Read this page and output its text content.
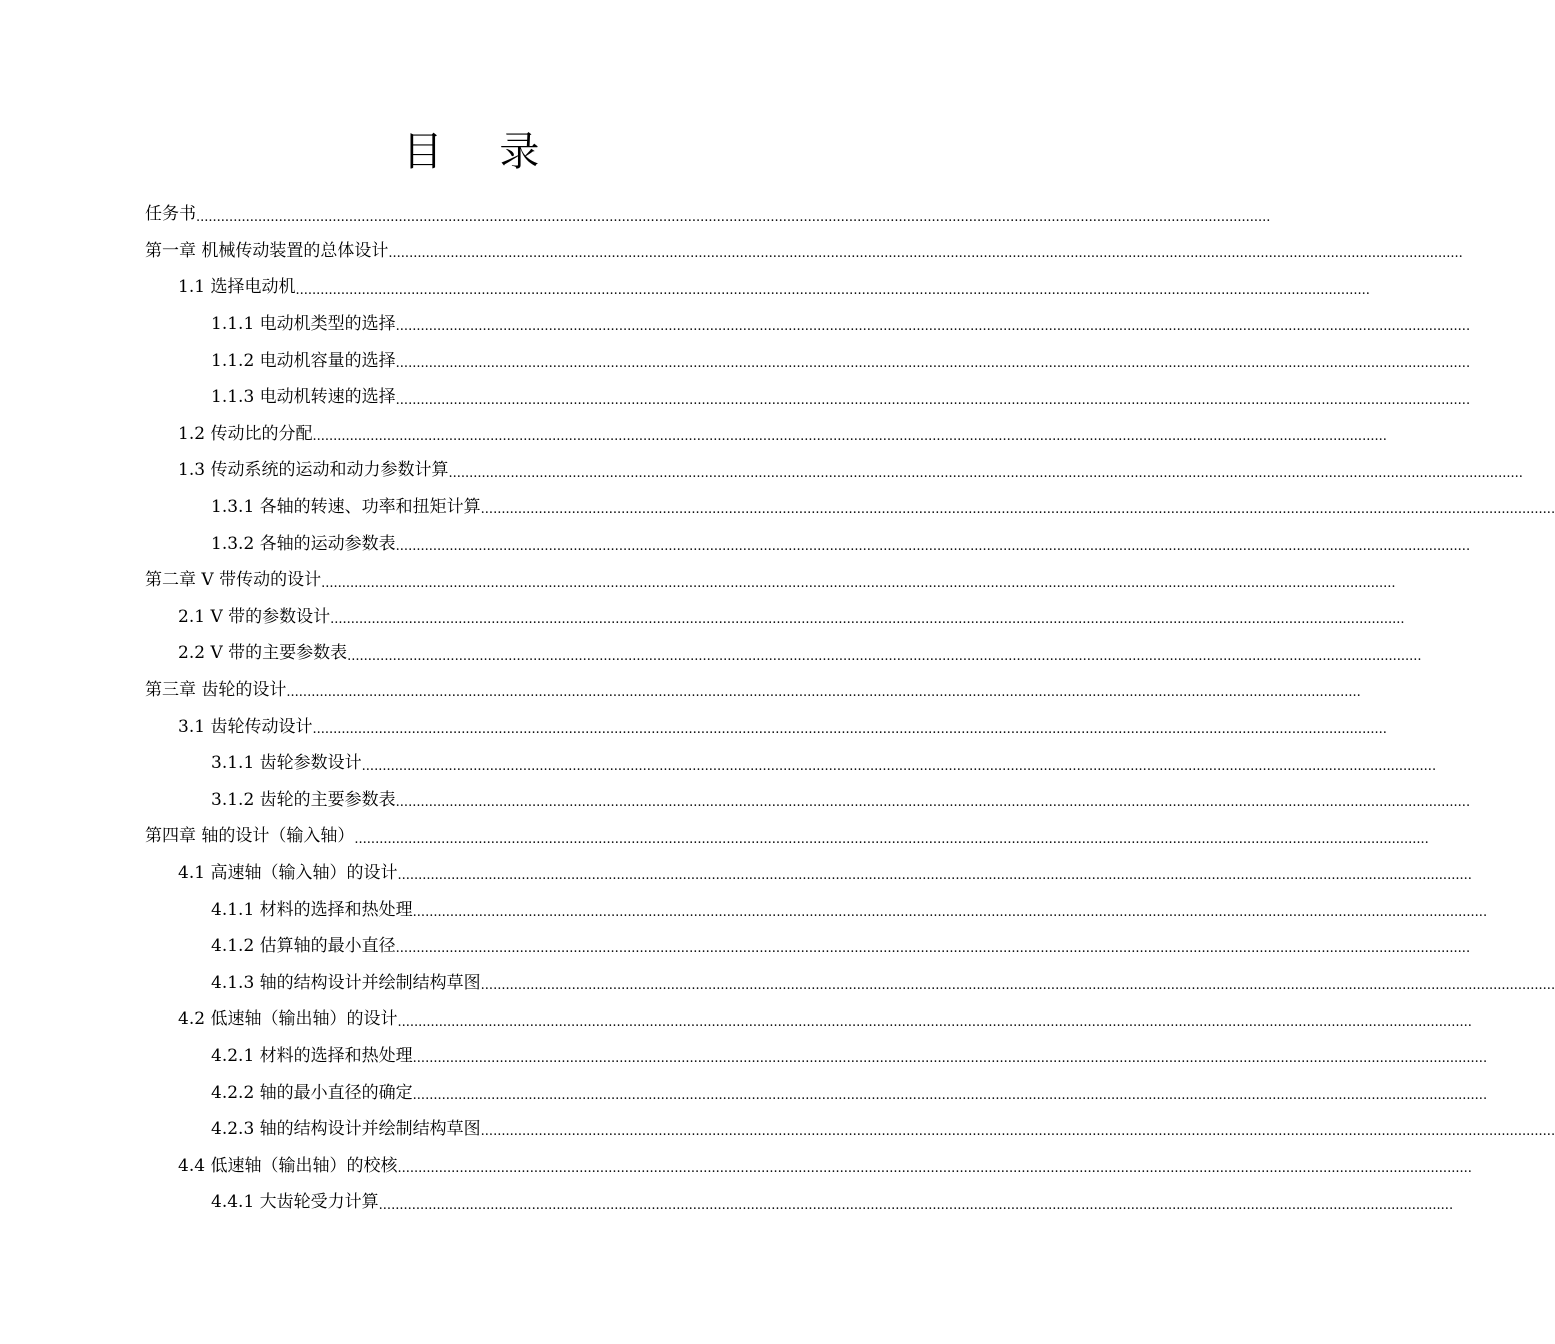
目 录
任务书 ....................................................................................................................................................................................................................................................................
第一章 机械传动装置的总体设计 ....................................................................................................................................................................................................................................................................
1.1 选择电动机 ....................................................................................................................................................................................................................................................................
1.1.1 电动机类型的选择 ....................................................................................................................................................................................................................................................................
1.1.2 电动机容量的选择 ....................................................................................................................................................................................................................................................................
1.1.3 电动机转速的选择 ....................................................................................................................................................................................................................................................................
1.2 传动比的分配 ....................................................................................................................................................................................................................................................................
1.3 传动系统的运动和动力参数计算 ....................................................................................................................................................................................................................................................................
1.3.1 各轴的转速、功率和扭矩计算 ....................................................................................................................................................................................................................................................................
1.3.2 各轴的运动参数表 ....................................................................................................................................................................................................................................................................
第二章 V 带传动的设计 ....................................................................................................................................................................................................................................................................
2.1 V 带的参数设计 ....................................................................................................................................................................................................................................................................
2.2 V 带的主要参数表 ....................................................................................................................................................................................................................................................................
第三章 齿轮的设计 ....................................................................................................................................................................................................................................................................
3.1 齿轮传动设计 ....................................................................................................................................................................................................................................................................
3.1.1 齿轮参数设计 ....................................................................................................................................................................................................................................................................
3.1.2 齿轮的主要参数表 ....................................................................................................................................................................................................................................................................
第四章 轴的设计（输入轴） ....................................................................................................................................................................................................................................................................
4.1 高速轴（输入轴）的设计 ....................................................................................................................................................................................................................................................................
4.1.1 材料的选择和热处理 ....................................................................................................................................................................................................................................................................
4.1.2 估算轴的最小直径 ....................................................................................................................................................................................................................................................................
4.1.3 轴的结构设计并绘制结构草图 ....................................................................................................................................................................................................................................................................
4.2 低速轴（输出轴）的设计 ....................................................................................................................................................................................................................................................................
4.2.1 材料的选择和热处理 ....................................................................................................................................................................................................................................................................
4.2.2 轴的最小直径的确定 ....................................................................................................................................................................................................................................................................
4.2.3 轴的结构设计并绘制结构草图 ....................................................................................................................................................................................................................................................................
4.4 低速轴（输出轴）的校核 ....................................................................................................................................................................................................................................................................
4.4.1 大齿轮受力计算 ....................................................................................................................................................................................................................................................................
